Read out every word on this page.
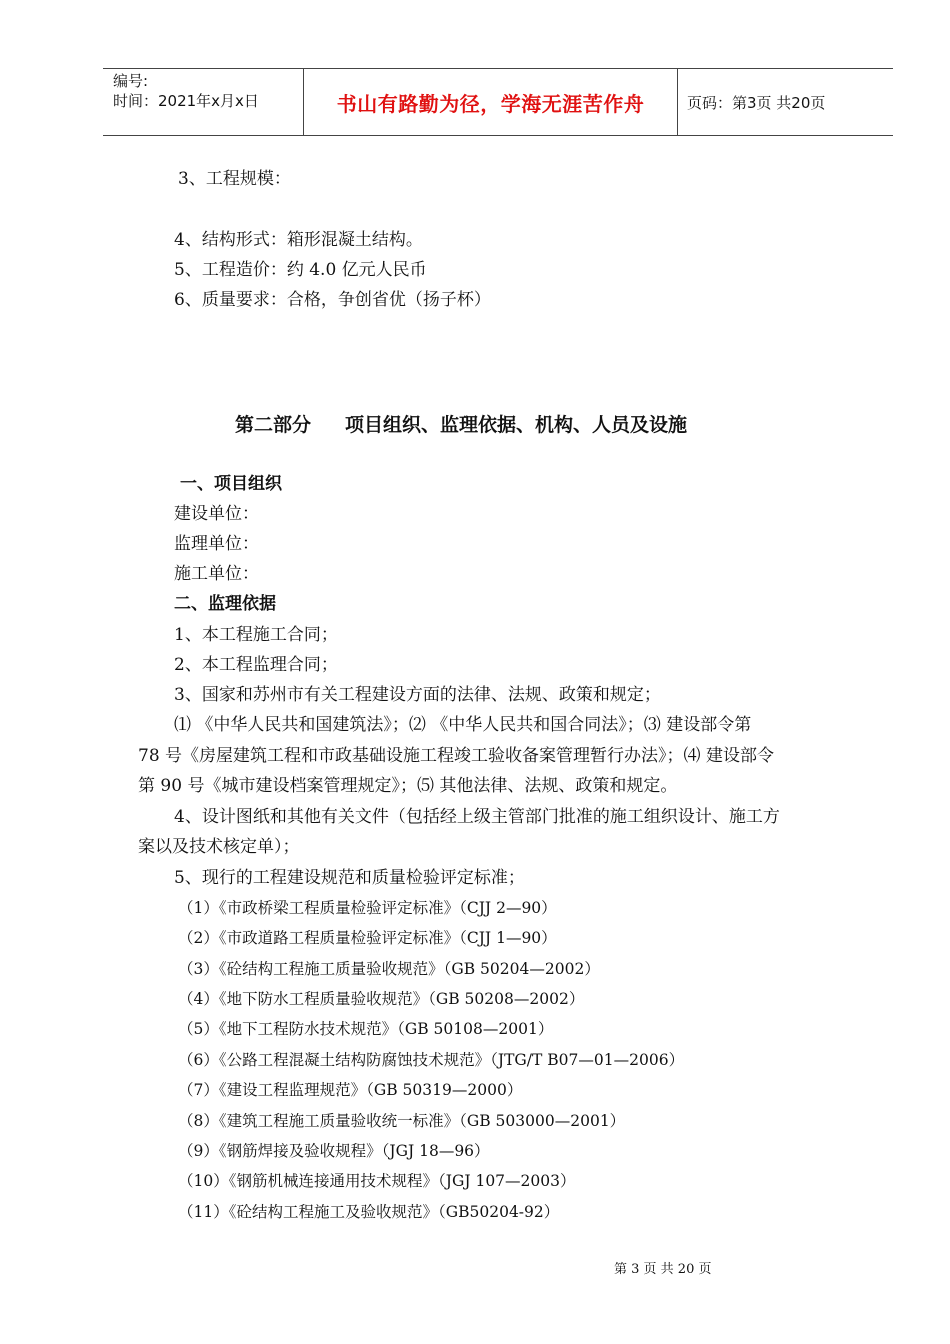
编号:
时间：2021年x月x日	书山有路勤为径，学海无涯苦作舟	页码：第3页 共20页
3、工程规模：
4、结构形式：箱形混凝土结构。
5、工程造价：约 4.0 亿元人民币
6、质量要求：合格，争创省优（扬子杯）
第二部分 项目组织、监理依据、机构、人员及设施
一、项目组织
建设单位：
监理单位：
施工单位：
二、监理依据
1、本工程施工合同；
2、本工程监理合同；
3、国家和苏州市有关工程建设方面的法律、法规、政策和规定；
⑴ 《中华人民共和国建筑法》；⑵ 《中华人民共和国合同法》；⑶ 建设部令第
78 号《房屋建筑工程和市政基础设施工程竣工验收备案管理暂行办法》；⑷ 建设部令
第 90 号《城市建设档案管理规定》；⑸ 其他法律、法规、政策和规定。
4、设计图纸和其他有关文件（包括经上级主管部门批准的施工组织设计、施工方
案以及技术核定单）；
5、现行的工程建设规范和质量检验评定标准；
（1）《市政桥梁工程质量检验评定标准》（CJJ 2—90）
（2）《市政道路工程质量检验评定标准》（CJJ 1—90）
（3）《砼结构工程施工质量验收规范》（GB 50204—2002）
（4）《地下防水工程质量验收规范》（GB 50208—2002）
（5）《地下工程防水技术规范》（GB 50108—2001）
（6）《公路工程混凝土结构防腐蚀技术规范》（JTG/T B07—01—2006）
（7）《建设工程监理规范》（GB 50319—2000）
（8）《建筑工程施工质量验收统一标准》（GB 503000—2001）
（9）《钢筋焊接及验收规程》（JGJ 18—96）
（10）《钢筋机械连接通用技术规程》（JGJ 107—2003）
（11）《砼结构工程施工及验收规范》（GB50204-92）
第 3 页 共 20 页
